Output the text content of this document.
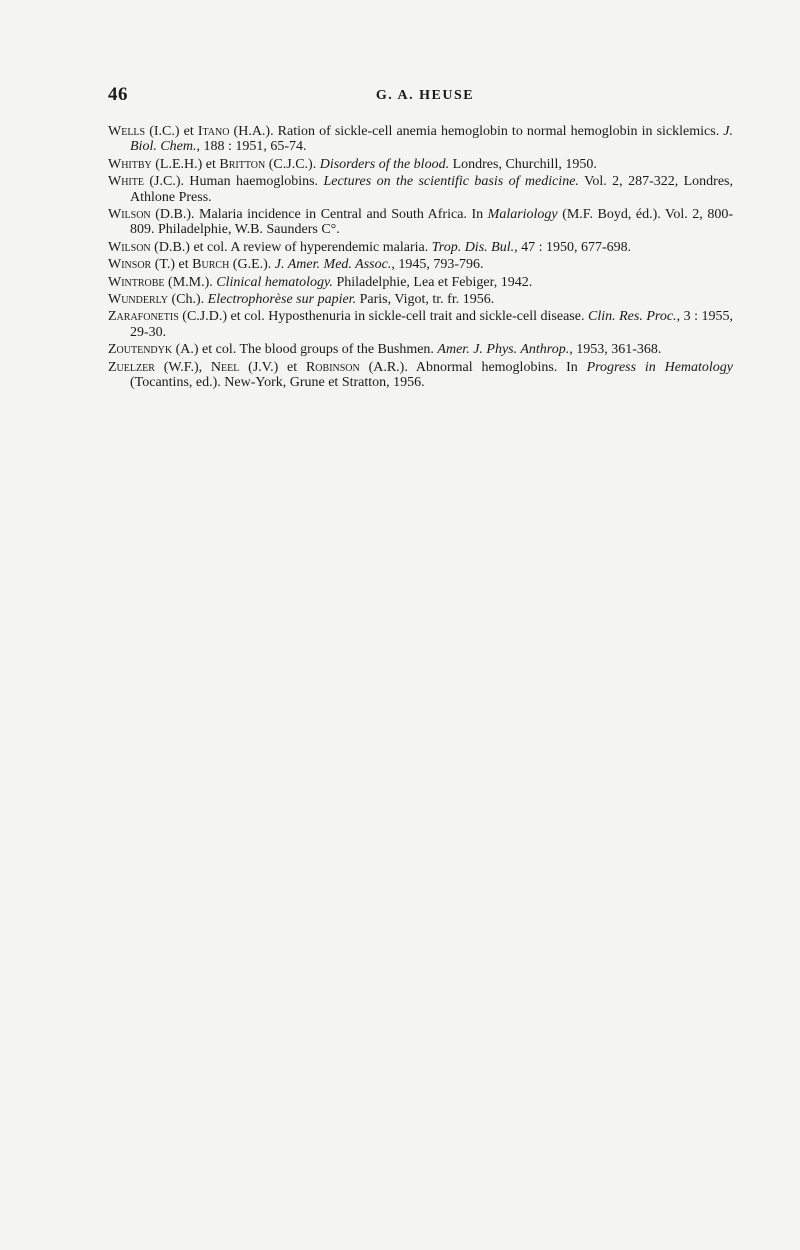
46	G. A. HEUSE

Wells (I.C.) et Itano (H.A.). Ration of sickle-cell anemia hemoglobin to normal hemoglobin in sicklemics. J. Biol. Chem., 188 : 1951, 65-74.

Whitby (L.E.H.) et Britton (C.J.C.). Disorders of the blood. Londres, Churchill, 1950.

White (J.C.). Human haemoglobins. Lectures on the scientific basis of medicine. Vol. 2, 287-322, Londres, Athlone Press.

Wilson (D.B.). Malaria incidence in Central and South Africa. In Malariology (M.F. Boyd, éd.). Vol. 2, 800-809. Philadelphie, W.B. Saunders C°.

Wilson (D.B.) et col. A review of hyperendemic malaria. Trop. Dis. Bul., 47 : 1950, 677-698.

Winsor (T.) et Burch (G.E.). J. Amer. Med. Assoc., 1945, 793-796.

Wintrobe (M.M.). Clinical hematology. Philadelphie, Lea et Febiger, 1942.

Wunderly (Ch.). Electrophorèse sur papier. Paris, Vigot, tr. fr. 1956.

Zarafonetis (C.J.D.) et col. Hyposthenuria in sickle-cell trait and sickle-cell disease. Clin. Res. Proc., 3 : 1955, 29-30.

Zoutendyk (A.) et col. The blood groups of the Bushmen. Amer. J. Phys. Anthrop., 1953, 361-368.

Zuelzer (W.F.), Neel (J.V.) et Robinson (A.R.). Abnormal hemoglobins. In Progress in Hematology (Tocantins, ed.). New-York, Grune et Stratton, 1956.
